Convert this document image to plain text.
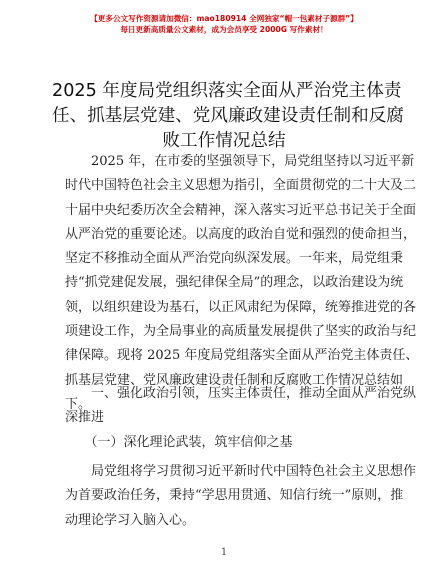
【更多公文写作资源请加微信：mao180914 全网独家“帽一包素材子源群”】
每日更新高质量公文素材，成为会员享受 2000G 写作素材！
2025 年度局党组织落实全面从严治党主体责
任、抓基层党建、党风廉政建设责任制和反腐
败工作情况总结
　　2025 年，在市委的坚强领导下，局党组坚持以习近平新
时代中国特色社会主义思想为指引，全面贯彻党的二十大及二
十届中央纪委历次全会精神，深入落实习近平总书记关于全面
从严治党的重要论述。以高度的政治自觉和强烈的使命担当，
坚定不移推动全面从严治党向纵深发展。一年来，局党组秉
持“抓党建促发展，强纪律保全局”的理念，以政治建设为统
领，以组织建设为基石，以正风肃纪为保障，统筹推进党的各
项建设工作，为全局事业的高质量发展提供了坚实的政治与纪
律保障。现将 2025 年度局党组落实全面从严治党主体责任、
抓基层党建、党风廉政建设责任制和反腐败工作情况总结如
下。
　　一、强化政治引领，压实主体责任，推动全面从严治党纵
深推进
　　（一）深化理论武装，筑牢信仰之基
　　局党组将学习贯彻习近平新时代中国特色社会主义思想作
为首要政治任务，秉持“学思用贯通、知信行统一”原则，推
动理论学习入脑入心。
1
